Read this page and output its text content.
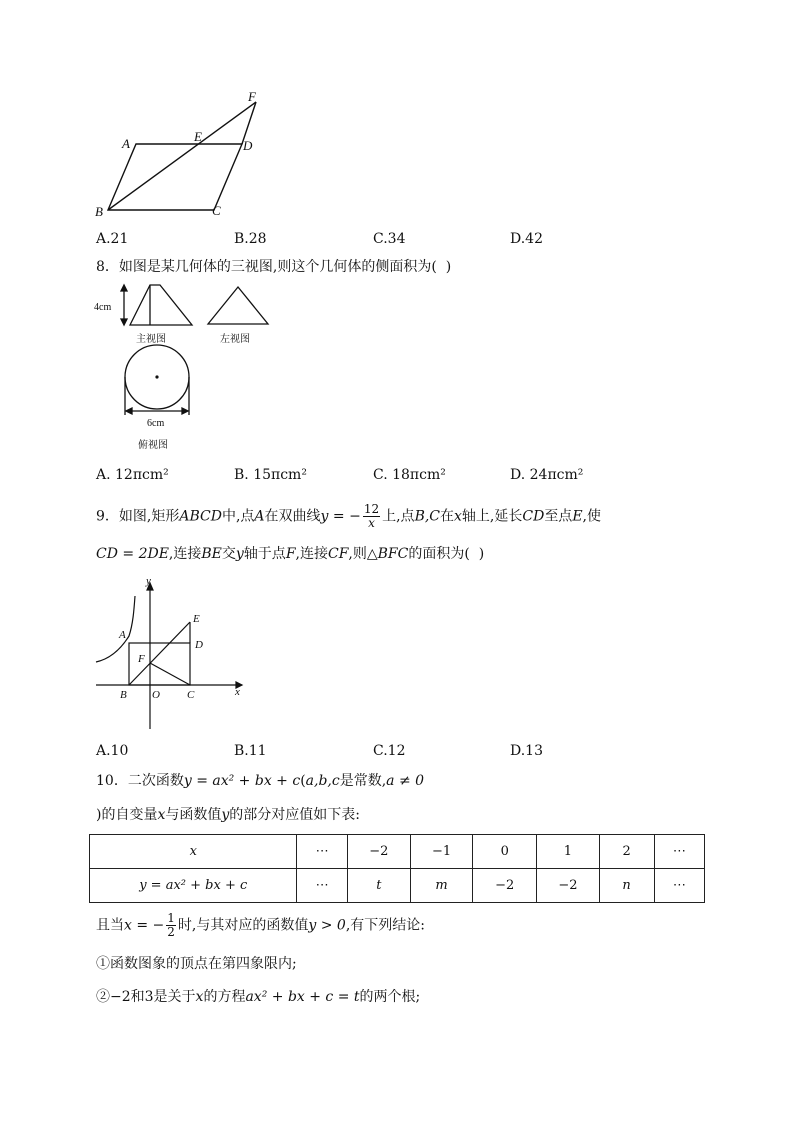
A	E
F
D
B	C
A.21	B.28	C.34	D.42
8．如图是某几何体的三视图,则这个几何体的侧面积为(  )
4cm
主视图	左视图
6cm
俯视图
A. 12πcm²	B. 15πcm²	C. 18πcm²	D. 24πcm²
9．如图,矩形ABCD中,点A在双曲线y = − $\frac{12}{x}$ 上,点B,C在x轴上,延长CD至点E,使
CD = 2DE,连接BE交y轴于点F,连接CF,则△BFC的面积为(  )
y
x
A
E
D
F
B O C
A.10	B.11	C.12	D.13
10．二次函数y = ax² + bx + c(a,b,c是常数,a ≠ 0
)的自变量x与函数值y的部分对应值如下表:
x	⋯	−2	−1	0	1	2	⋯
y = ax² + bx + c	⋯	t	m	−2	−2	n	⋯
且当x = − $\frac{1}{2}$ 时,与其对应的函数值y > 0,有下列结论:
①函数图象的顶点在第四象限内;
②−2和3是关于x的方程ax² + bx + c = t的两个根;
